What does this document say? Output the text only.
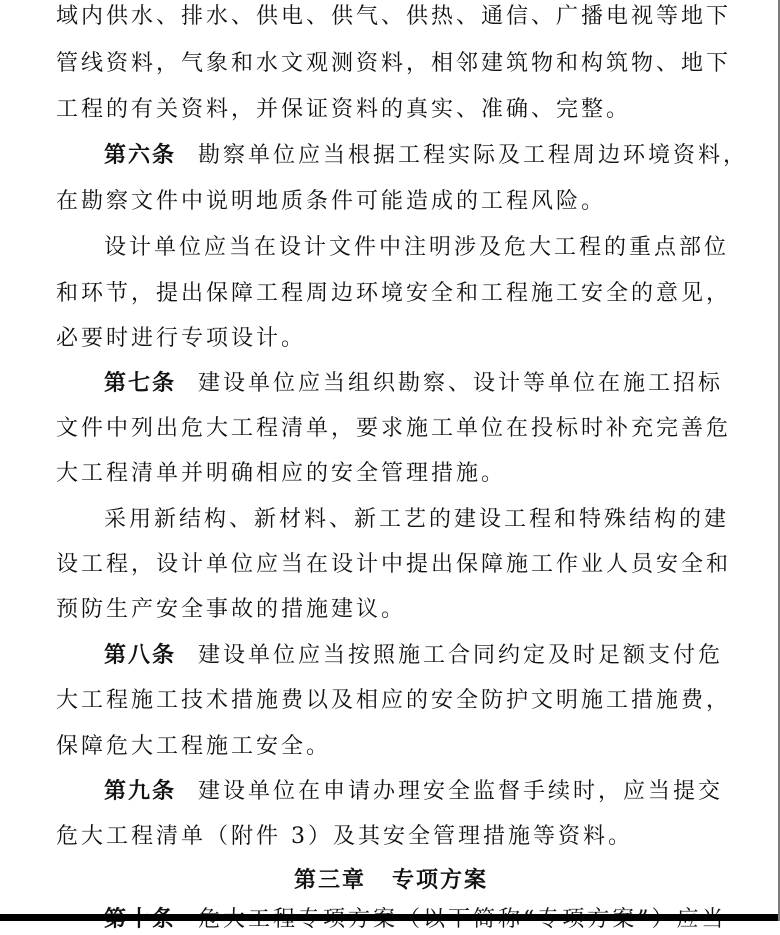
域内供水、排水、供电、供气、供热、通信、广播电视等地下
管线资料，气象和水文观测资料，相邻建筑物和构筑物、地下
工程的有关资料，并保证资料的真实、准确、完整。
第六条 勘察单位应当根据工程实际及工程周边环境资料，
在勘察文件中说明地质条件可能造成的工程风险。
设计单位应当在设计文件中注明涉及危大工程的重点部位
和环节，提出保障工程周边环境安全和工程施工安全的意见，
必要时进行专项设计。
第七条 建设单位应当组织勘察、设计等单位在施工招标
文件中列出危大工程清单，要求施工单位在投标时补充完善危
大工程清单并明确相应的安全管理措施。
采用新结构、新材料、新工艺的建设工程和特殊结构的建
设工程，设计单位应当在设计中提出保障施工作业人员安全和
预防生产安全事故的措施建议。
第八条 建设单位应当按照施工合同约定及时足额支付危
大工程施工技术措施费以及相应的安全防护文明施工措施费，
保障危大工程施工安全。
第九条 建设单位在申请办理安全监督手续时，应当提交
危大工程清单（附件 3）及其安全管理措施等资料。
第三章 专项方案
